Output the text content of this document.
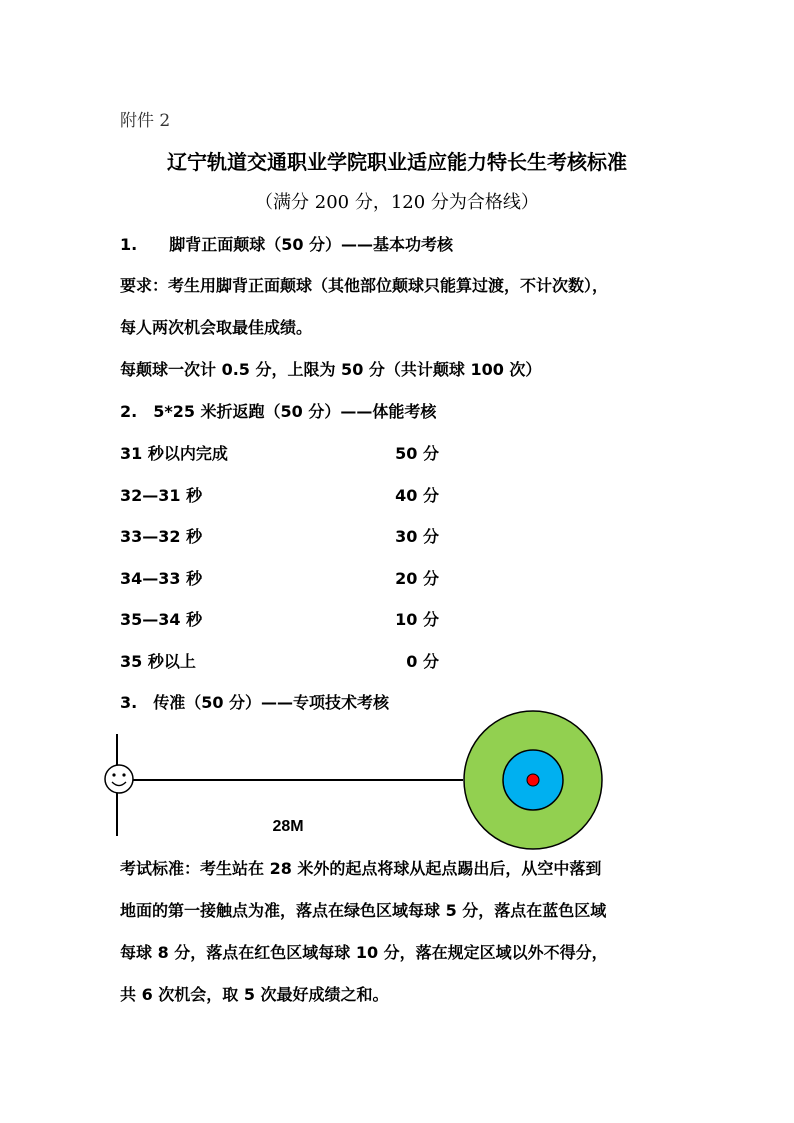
附件 2
辽宁轨道交通职业学院职业适应能力特长生考核标准
（满分 200 分，120 分为合格线）
1.　　脚背正面颠球（50 分）——基本功考核
要求：考生用脚背正面颠球（其他部位颠球只能算过渡，不计次数），
每人两次机会取最佳成绩。
每颠球一次计 0.5 分，上限为 50 分（共计颠球 100 次）
2.　5*25 米折返跑（50 分）——体能考核
31 秒以内完成	50 分
32—31 秒	40 分
33—32 秒	30 分
34—33 秒	20 分
35—34 秒	10 分
35 秒以上	0 分
3.　传准（50 分）——专项技术考核
28M
考试标准：考生站在 28 米外的起点将球从起点踢出后，从空中落到
地面的第一接触点为准，落点在绿色区域每球 5 分，落点在蓝色区域
每球 8 分，落点在红色区域每球 10 分，落在规定区域以外不得分，
共 6 次机会，取 5 次最好成绩之和。
